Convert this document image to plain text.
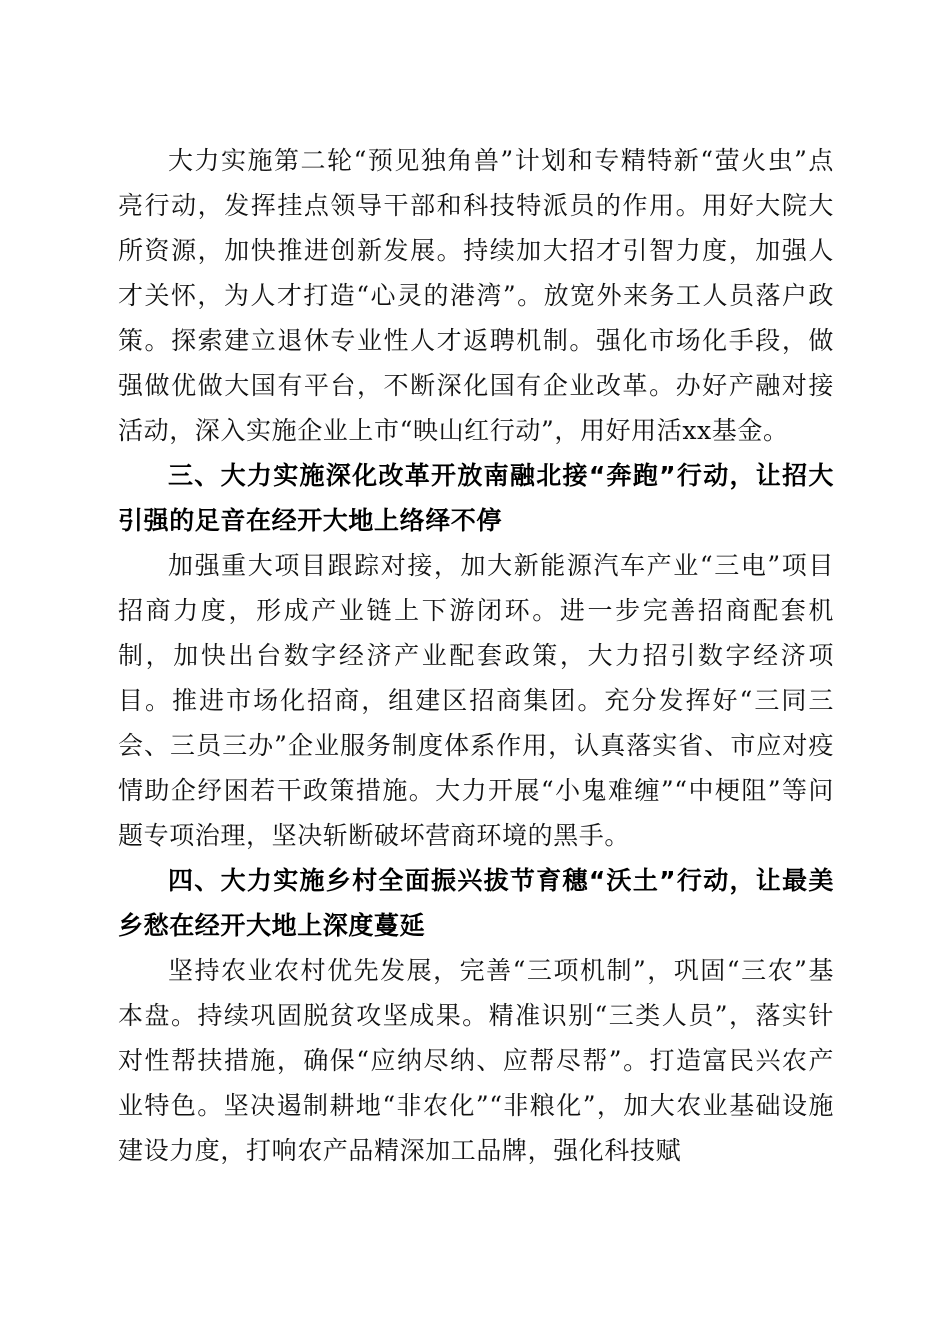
大力实施第二轮“预见独角兽”计划和专精特新“萤火虫”点亮行动，发挥挂点领导干部和科技特派员的作用。用好大院大所资源，加快推进创新发展。持续加大招才引智力度，加强人才关怀，为人才打造“心灵的港湾”。放宽外来务工人员落户政策。探索建立退休专业性人才返聘机制。强化市场化手段，做强做优做大国有平台，不断深化国有企业改革。办好产融对接活动，深入实施企业上市“映山红行动”，用好用活xx基金。

三、大力实施深化改革开放南融北接“奔跑”行动，让招大引强的足音在经开大地上络绎不停

加强重大项目跟踪对接，加大新能源汽车产业“三电”项目招商力度，形成产业链上下游闭环。进一步完善招商配套机制，加快出台数字经济产业配套政策，大力招引数字经济项目。推进市场化招商，组建区招商集团。充分发挥好“三同三会、三员三办”企业服务制度体系作用，认真落实省、市应对疫情助企纾困若干政策措施。大力开展“小鬼难缠”“中梗阻”等问题专项治理，坚决斩断破坏营商环境的黑手。

四、大力实施乡村全面振兴拔节育穗“沃土”行动，让最美乡愁在经开大地上深度蔓延

坚持农业农村优先发展，完善“三项机制”，巩固“三农”基本盘。持续巩固脱贫攻坚成果。精准识别“三类人员”，落实针对性帮扶措施，确保“应纳尽纳、应帮尽帮”。打造富民兴农产业特色。坚决遏制耕地“非农化”“非粮化”，加大农业基础设施建设力度，打响农产品精深加工品牌，强化科技赋
